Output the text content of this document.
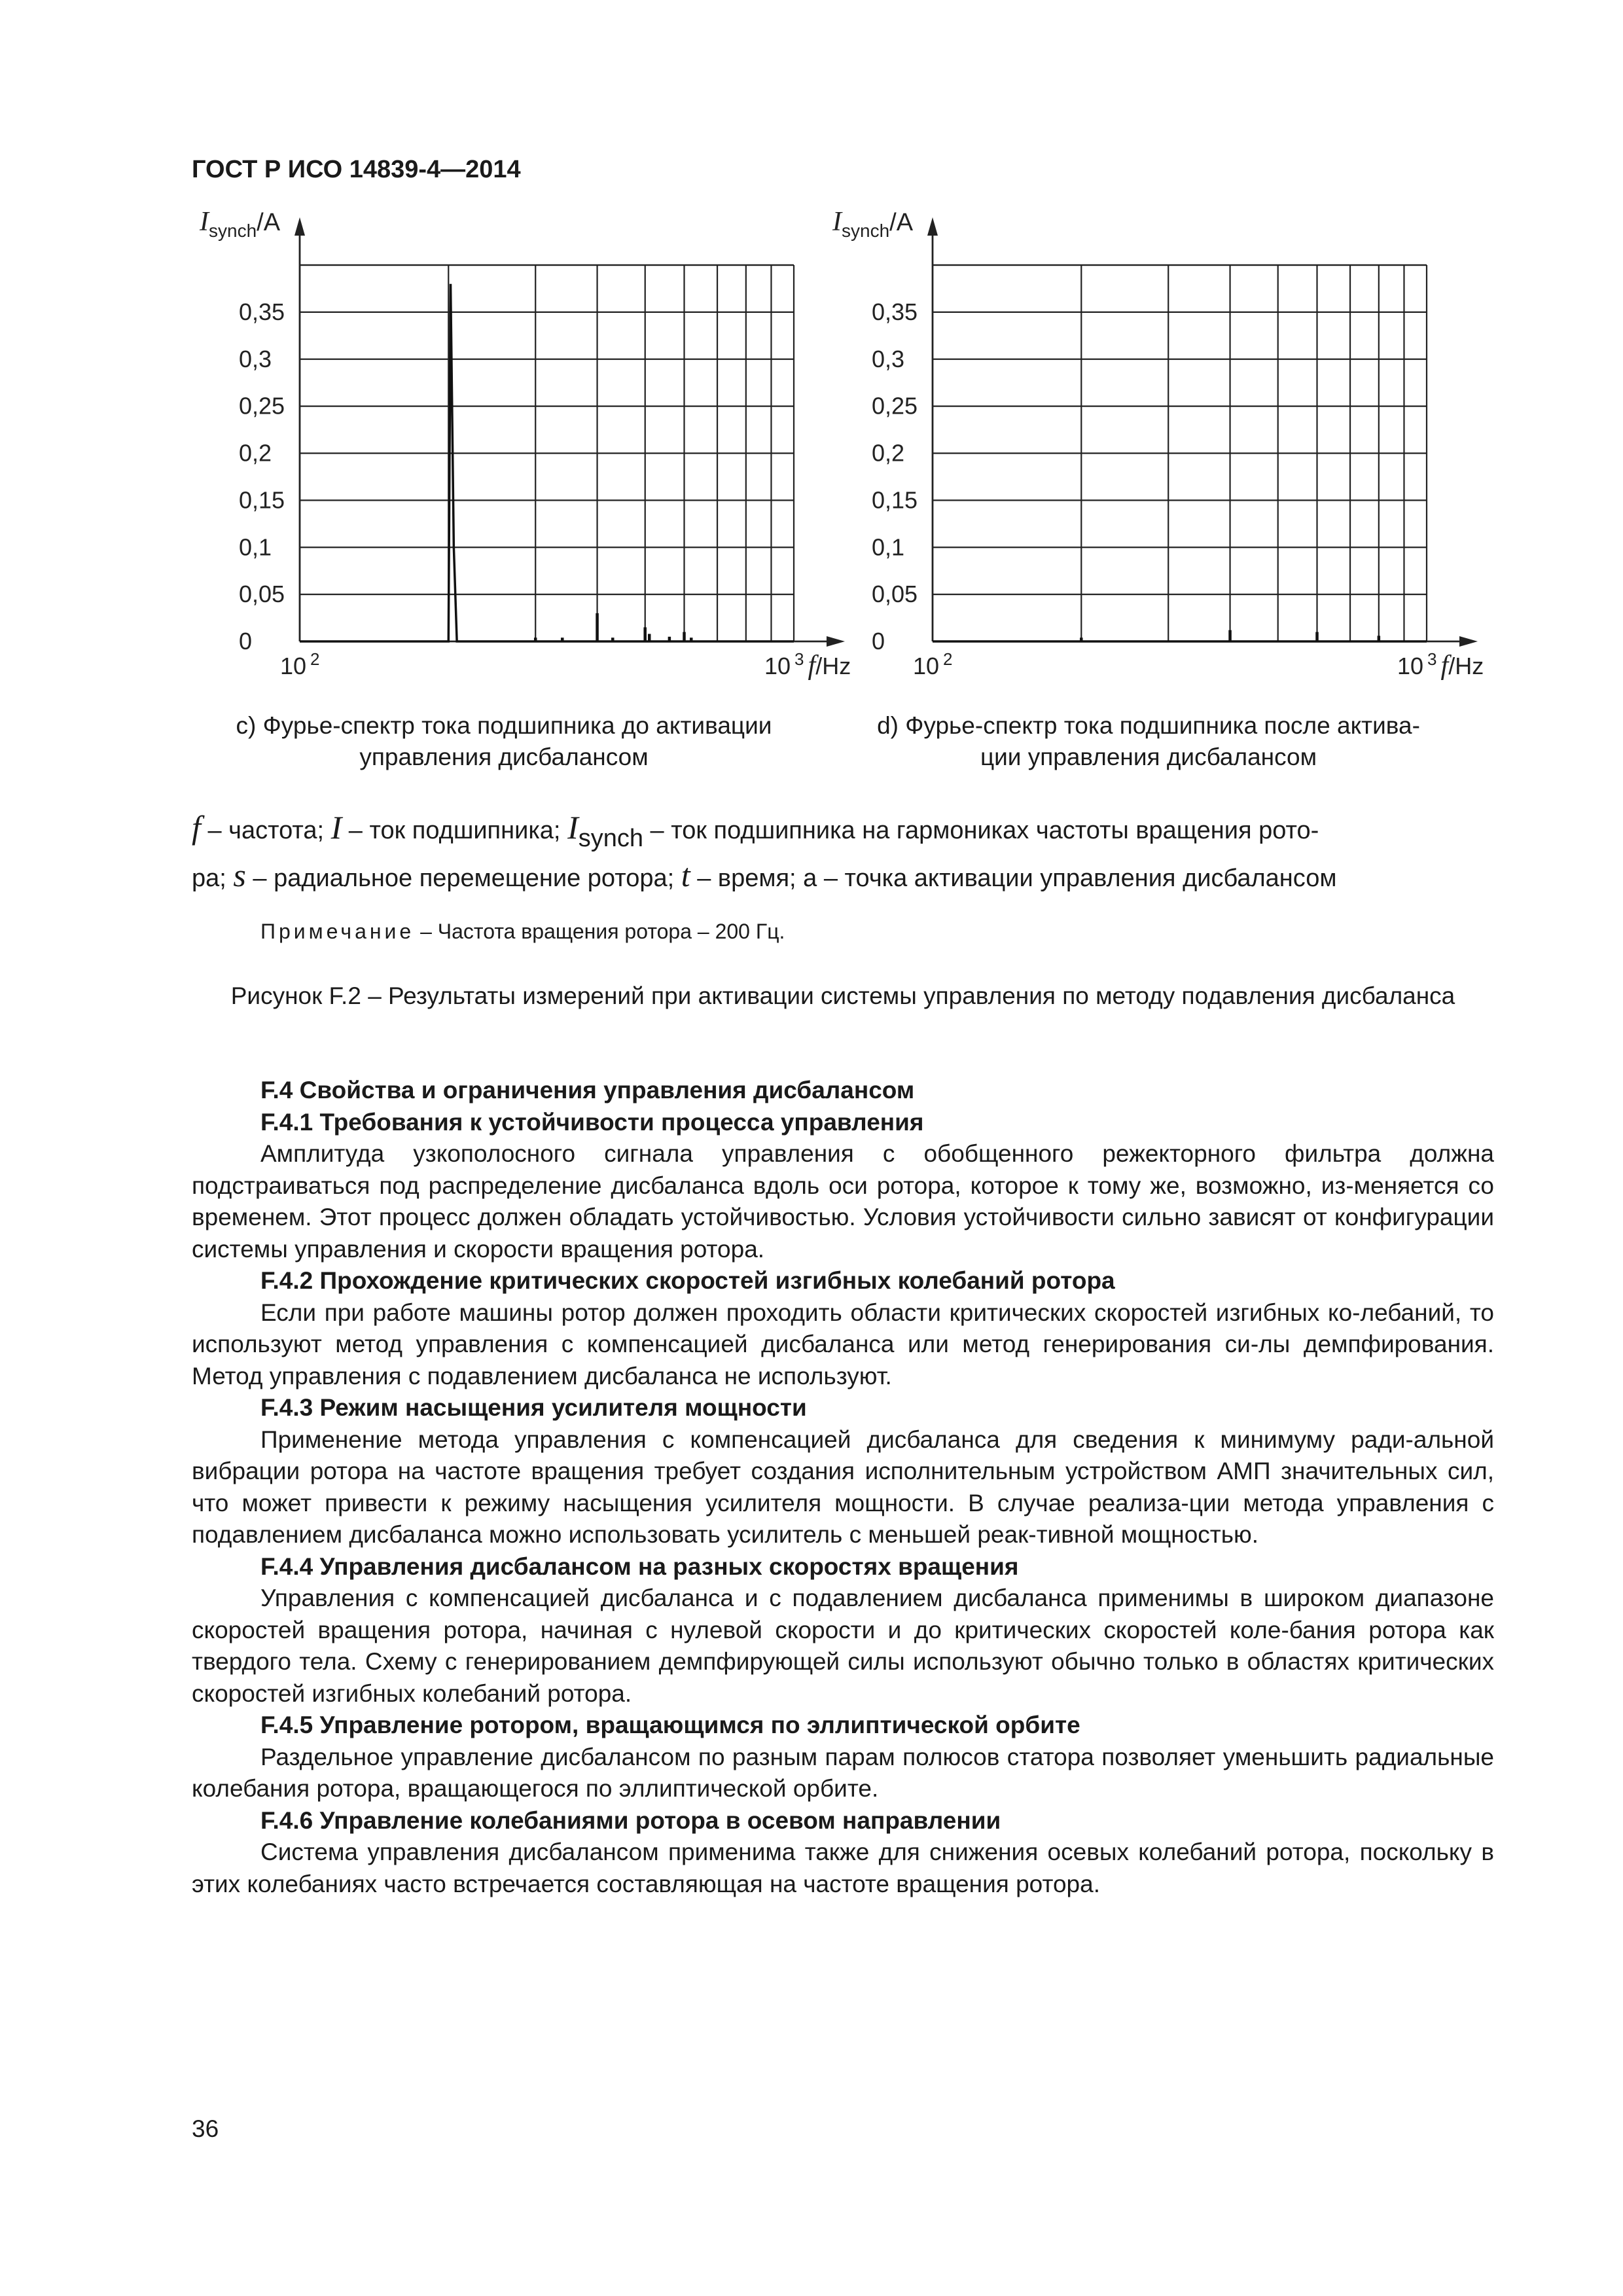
ГОСТ Р ИСО 14839-4—2014
0
0,05
0,1
0,15
0,2
0,25
0,3
0,35
$I_{synch}/A$
10 $^2$	10 $^3$ f/Hz
c) Фурье-спектр тока подшипника до активации
управления дисбалансом
0
0,05
0,1
0,15
0,2
0,25
0,3
0,35
$I_{synch}/A$
10 $^2$	10 $^3$ f/Hz
d) Фурье-спектр тока подшипника после актива-
ции управления дисбалансом
f – частота; I – ток подшипника; Isynch – ток подшипника на гармониках частоты вращения рото-
ра; s – радиальное перемещение ротора; t – время; a – точка активации управления дисбалансом
Примечание – Частота вращения ротора – 200 Гц.
Рисунок F.2 – Результаты измерений при активации системы управления по методу подавления дисбаланса
F.4 Свойства и ограничения управления дисбалансом
F.4.1 Требования к устойчивости процесса управления

Амплитуда узкополосного сигнала управления с обобщенного режекторного фильтра должна подстраиваться под распределение дисбаланса вдоль оси ротора, которое к тому же, возможно, из-меняется со временем. Этот процесс должен обладать устойчивостью. Условия устойчивости сильно зависят от конфигурации системы управления и скорости вращения ротора.

F.4.2 Прохождение критических скоростей изгибных колебаний ротора

Если при работе машины ротор должен проходить области критических скоростей изгибных ко-лебаний, то используют метод управления с компенсацией дисбаланса или метод генерирования си-лы демпфирования. Метод управления с подавлением дисбаланса не используют.

F.4.3 Режим насыщения усилителя мощности

Применение метода управления с компенсацией дисбаланса для сведения к минимуму ради-альной вибрации ротора на частоте вращения требует создания исполнительным устройством АМП значительных сил, что может привести к режиму насыщения усилителя мощности. В случае реализа-ции метода управления с подавлением дисбаланса можно использовать усилитель с меньшей реак-тивной мощностью.

F.4.4 Управления дисбалансом на разных скоростях вращения

Управления с компенсацией дисбаланса и с подавлением дисбаланса применимы в широком диапазоне скоростей вращения ротора, начиная с нулевой скорости и до критических скоростей коле-бания ротора как твердого тела. Схему с генерированием демпфирующей силы используют обычно только в областях критических скоростей изгибных колебаний ротора.

F.4.5 Управление ротором, вращающимся по эллиптической орбите

Раздельное управление дисбалансом по разным парам полюсов статора позволяет уменьшить радиальные колебания ротора, вращающегося по эллиптической орбите.

F.4.6 Управление колебаниями ротора в осевом направлении

Система управления дисбалансом применима также для снижения осевых колебаний ротора, поскольку в этих колебаниях часто встречается составляющая на частоте вращения ротора.

36
